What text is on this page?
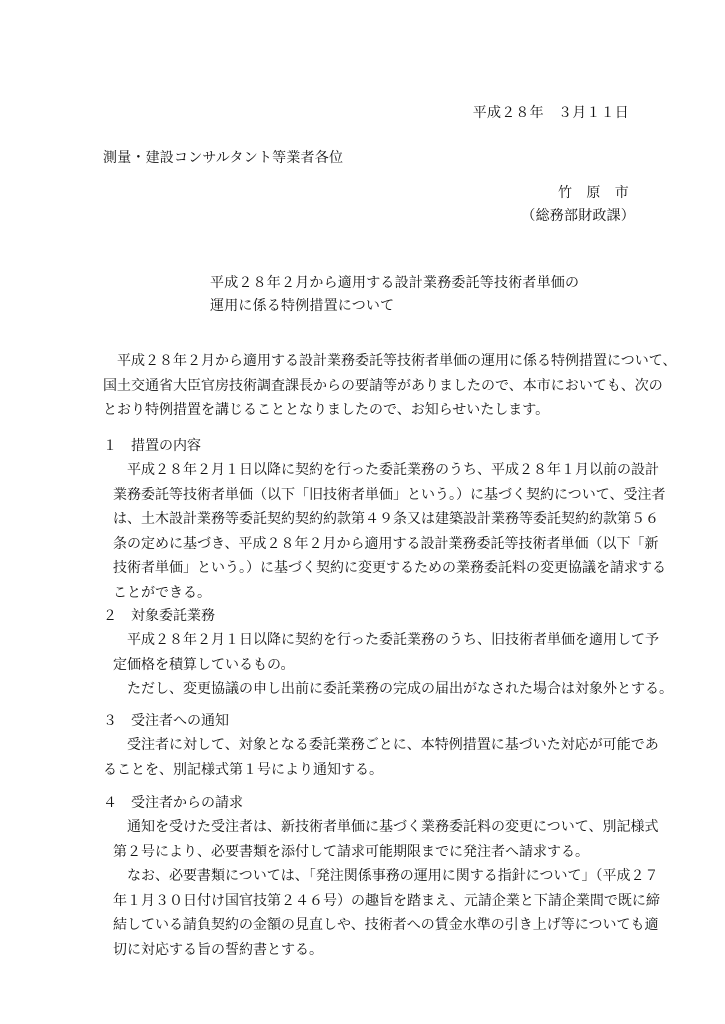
平成２８年　３月１１日
測量・建設コンサルタント等業者各位
竹　原　市
（総務部財政課）
平成２８年２月から適用する設計業務委託等技術者単価の
運用に係る特例措置について
　平成２８年２月から適用する設計業務委託等技術者単価の運用に係る特例措置について、
国土交通省大臣官房技術調査課長からの要請等がありましたので、本市においても、次の
とおり特例措置を講じることとなりましたので、お知らせいたします。
１ 措置の内容
平成２８年２月１日以降に契約を行った委託業務のうち、平成２８年１月以前の設計
業務委託等技術者単価（以下「旧技術者単価」という。）に基づく契約について、受注者
は、土木設計業務等委託契約契約約款第４９条又は建築設計業務等委託契約約款第５６
条の定めに基づき、平成２８年２月から適用する設計業務委託等技術者単価（以下「新
技術者単価」という。）に基づく契約に変更するための業務委託料の変更協議を請求する
ことができる。
２ 対象委託業務
平成２８年２月１日以降に契約を行った委託業務のうち、旧技術者単価を適用して予
定価格を積算しているもの。
ただし、変更協議の申し出前に委託業務の完成の届出がなされた場合は対象外とする。
３ 受注者への通知
受注者に対して、対象となる委託業務ごとに、本特例措置に基づいた対応が可能であ
ることを、別記様式第１号により通知する。
４ 受注者からの請求
通知を受けた受注者は、新技術者単価に基づく業務委託料の変更について、別記様式
第２号により、必要書類を添付して請求可能期限までに発注者へ請求する。
なお、必要書類については、「発注関係事務の運用に関する指針について」（平成２７
年１月３０日付け国官技第２４６号）の趣旨を踏まえ、元請企業と下請企業間で既に締
結している請負契約の金額の見直しや、技術者への賃金水準の引き上げ等についても適
切に対応する旨の誓約書とする。
